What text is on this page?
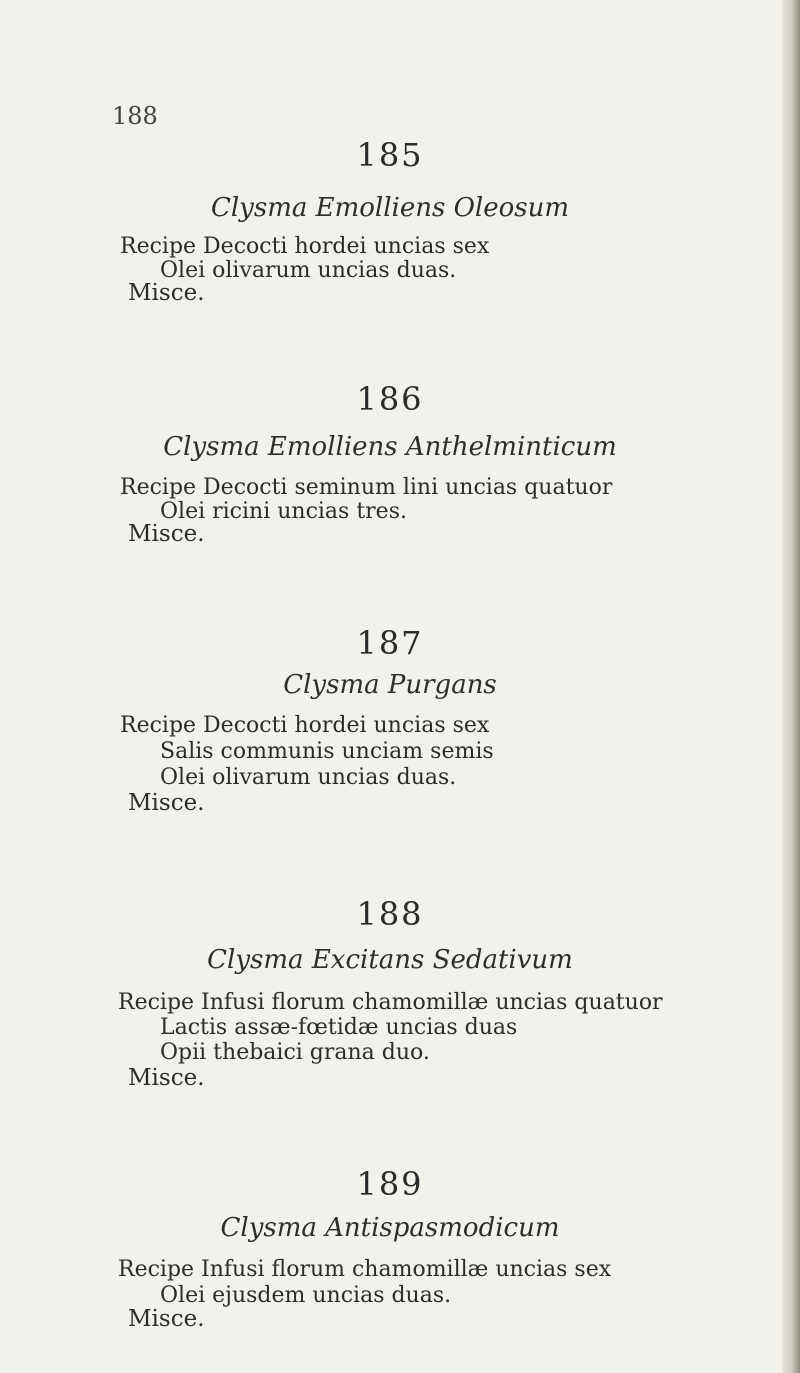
188
185
Clysma Emolliens Oleosum
Recipe Decocti hordei uncias sex
Olei olivarum uncias duas.
Misce.
186
Clysma Emolliens Anthelminticum
Recipe Decocti seminum lini uncias quatuor
Olei ricini uncias tres.
Misce.
187
Clysma Purgans
Recipe Decocti hordei uncias sex
Salis communis unciam semis
Olei olivarum uncias duas.
Misce.
188
Clysma Excitans Sedativum
Recipe Infusi florum chamomillæ uncias quatuor
Lactis assæ-fœtidæ uncias duas
Opii thebaici grana duo.
Misce.
189
Clysma Antispasmodicum
Recipe Infusi florum chamomillæ uncias sex
Olei ejusdem uncias duas.
Misce.
